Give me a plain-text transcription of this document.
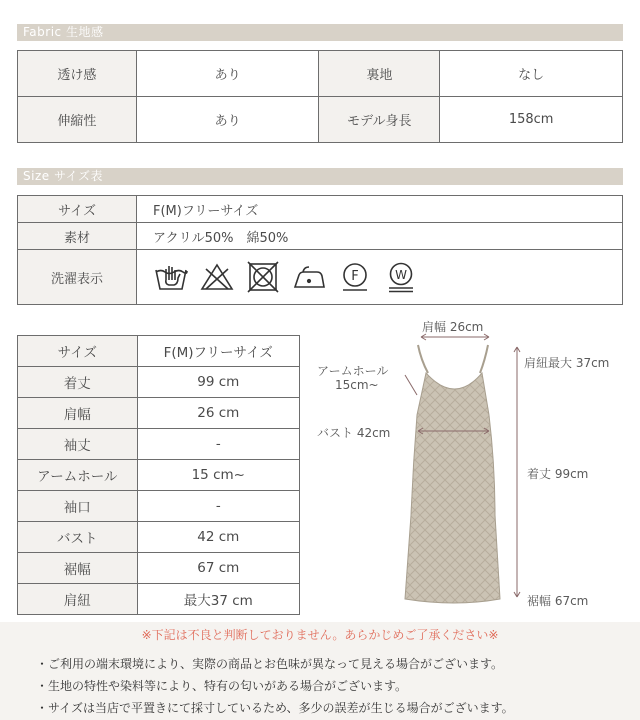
Fabric 生地感
透け感	あり	裏地	なし
伸縮性	あり	モデル身長	158cm
Size サイズ表
サイズ	F(M)フリーサイズ
素材	アクリル50%　綿50%
洗濯表示	F W
サイズ	F(M)フリーサイズ
着丈	99 cm
肩幅	26 cm
袖丈	-
アームホール	15 cm~
袖口	-
バスト	42 cm
裾幅	67 cm
肩紐	最大37 cm
肩幅 26cm
アームホール
15cm~
バスト 42cm
肩紐最大 37cm
着丈 99cm
裾幅 67cm
※下記は不良と判断しておりません。あらかじめご了承ください※
・ご利用の端末環境により、実際の商品とお色味が異なって見える場合がございます。
・生地の特性や染料等により、特有の匂いがある場合がございます。
・サイズは当店で平置きにて採寸しているため、多少の誤差が生じる場合がございます。
